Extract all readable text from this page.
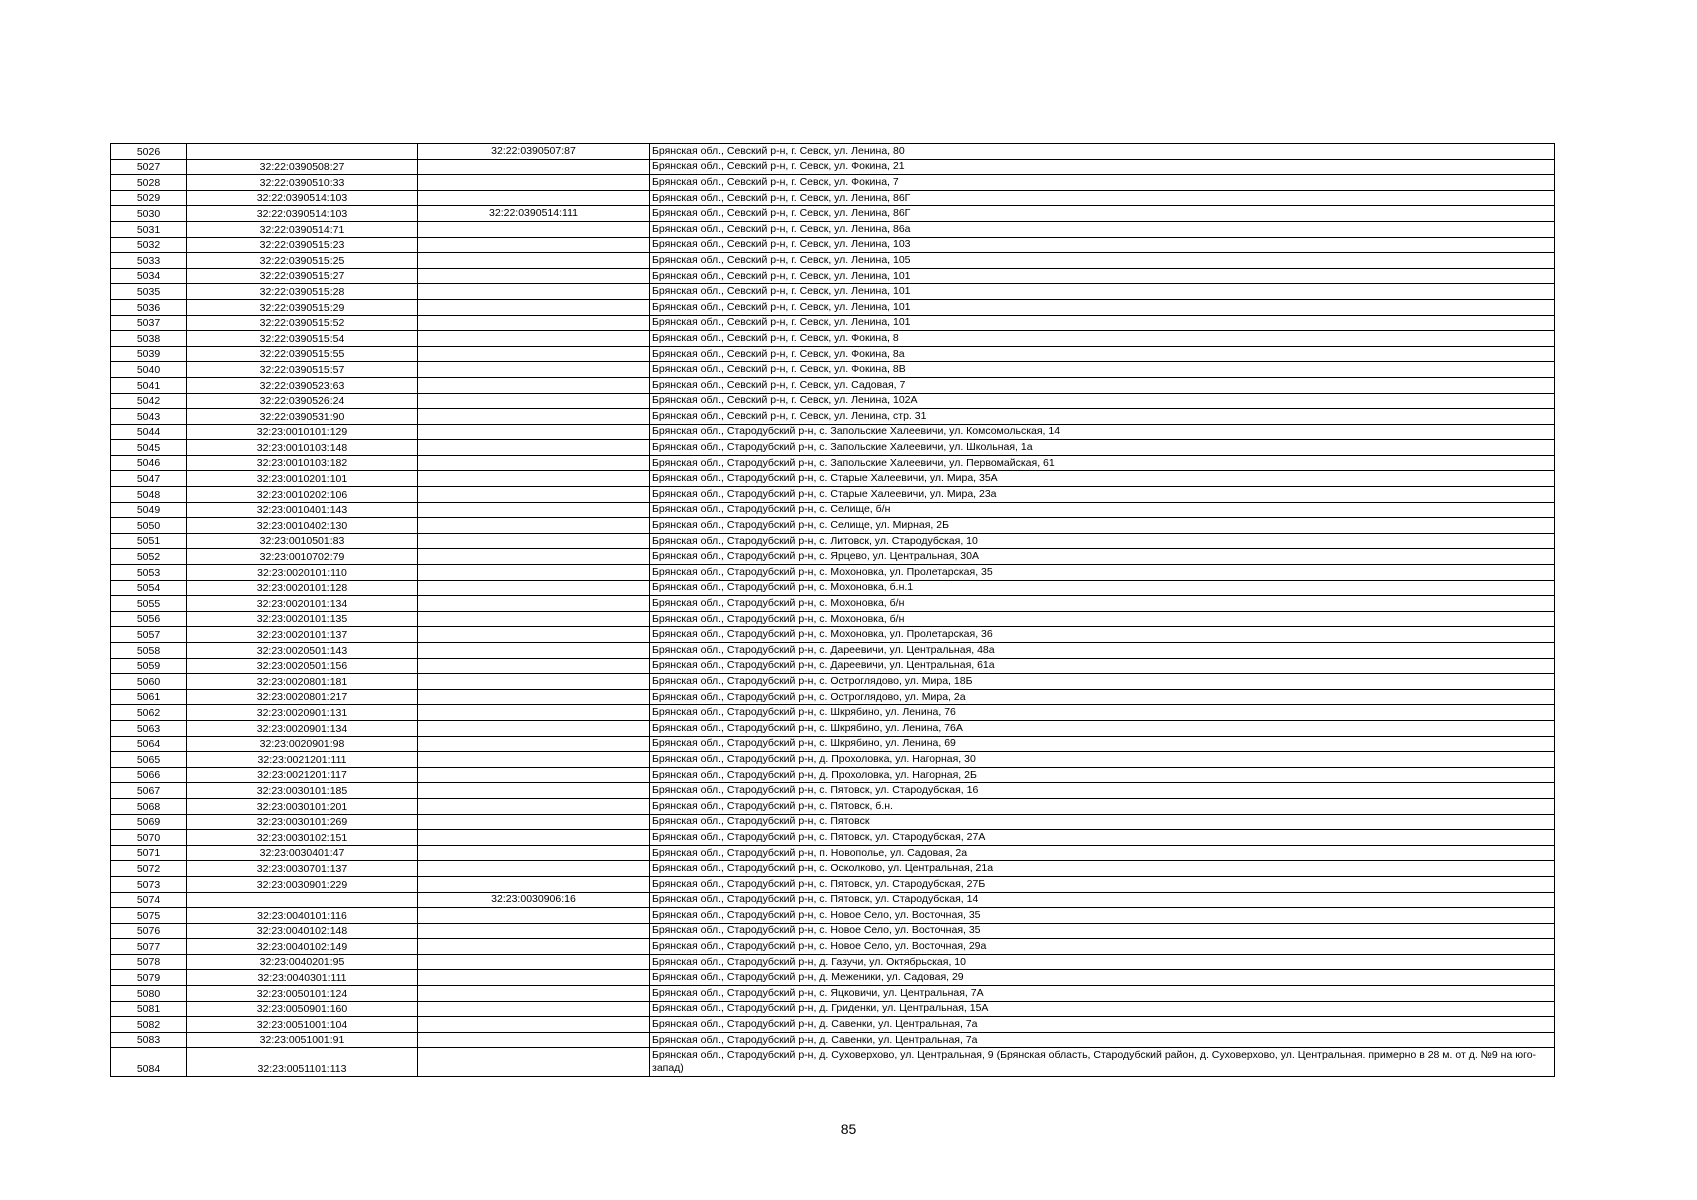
5026		32:22:0390507:87	Брянская обл., Севский р-н, г. Севск, ул. Ленина, 80
5027	32:22:0390508:27		Брянская обл., Севский р-н, г. Севск, ул. Фокина, 21
5028	32:22:0390510:33		Брянская обл., Севский р-н, г. Севск, ул. Фокина, 7
5029	32:22:0390514:103		Брянская обл., Севский р-н, г. Севск, ул. Ленина, 86Г
5030	32:22:0390514:103	32:22:0390514:111	Брянская обл., Севский р-н, г. Севск, ул. Ленина, 86Г
5031	32:22:0390514:71		Брянская обл., Севский р-н, г. Севск, ул. Ленина, 86а
5032	32:22:0390515:23		Брянская обл., Севский р-н, г. Севск, ул. Ленина, 103
5033	32:22:0390515:25		Брянская обл., Севский р-н, г. Севск, ул. Ленина, 105
5034	32:22:0390515:27		Брянская обл., Севский р-н, г. Севск, ул. Ленина, 101
5035	32:22:0390515:28		Брянская обл., Севский р-н, г. Севск, ул. Ленина, 101
5036	32:22:0390515:29		Брянская обл., Севский р-н, г. Севск, ул. Ленина, 101
5037	32:22:0390515:52		Брянская обл., Севский р-н, г. Севск, ул. Ленина, 101
5038	32:22:0390515:54		Брянская обл., Севский р-н, г. Севск, ул. Фокина, 8
5039	32:22:0390515:55		Брянская обл., Севский р-н, г. Севск, ул. Фокина, 8а
5040	32:22:0390515:57		Брянская обл., Севский р-н, г. Севск, ул. Фокина, 8В
5041	32:22:0390523:63		Брянская обл., Севский р-н, г. Севск, ул. Садовая, 7
5042	32:22:0390526:24		Брянская обл., Севский р-н, г. Севск, ул. Ленина, 102А
5043	32:22:0390531:90		Брянская обл., Севский р-н, г. Севск, ул. Ленина, стр. 31
5044	32:23:0010101:129		Брянская обл., Стародубский р-н, с. Запольские Халеевичи, ул. Комсомольская, 14
5045	32:23:0010103:148		Брянская обл., Стародубский р-н, с. Запольские Халеевичи, ул. Школьная, 1а
5046	32:23:0010103:182		Брянская обл., Стародубский р-н, с. Запольские Халеевичи, ул. Первомайская, 61
5047	32:23:0010201:101		Брянская обл., Стародубский р-н, с. Старые Халеевичи, ул. Мира, 35А
5048	32:23:0010202:106		Брянская обл., Стародубский р-н, с. Старые Халеевичи, ул. Мира, 23а
5049	32:23:0010401:143		Брянская обл., Стародубский р-н, с. Селище, б/н
5050	32:23:0010402:130		Брянская обл., Стародубский р-н, с. Селище, ул. Мирная, 2Б
5051	32:23:0010501:83		Брянская обл., Стародубский р-н, с. Литовск, ул. Стародубская, 10
5052	32:23:0010702:79		Брянская обл., Стародубский р-н, с. Ярцево, ул. Центральная, 30А
5053	32:23:0020101:110		Брянская обл., Стародубский р-н, с. Мохоновка, ул. Пролетарская, 35
5054	32:23:0020101:128		Брянская обл., Стародубский р-н, с. Мохоновка, б.н.1
5055	32:23:0020101:134		Брянская обл., Стародубский р-н, с. Мохоновка, б/н
5056	32:23:0020101:135		Брянская обл., Стародубский р-н, с. Мохоновка, б/н
5057	32:23:0020101:137		Брянская обл., Стародубский р-н, с. Мохоновка, ул. Пролетарская, 36
5058	32:23:0020501:143		Брянская обл., Стародубский р-н, с. Дареевичи, ул. Центральная, 48а
5059	32:23:0020501:156		Брянская обл., Стародубский р-н, с. Дареевичи, ул. Центральная, 61а
5060	32:23:0020801:181		Брянская обл., Стародубский р-н, с. Остроглядово, ул. Мира, 18Б
5061	32:23:0020801:217		Брянская обл., Стародубский р-н, с. Остроглядово, ул. Мира, 2а
5062	32:23:0020901:131		Брянская обл., Стародубский р-н, с. Шкрябино, ул. Ленина, 76
5063	32:23:0020901:134		Брянская обл., Стародубский р-н, с. Шкрябино, ул. Ленина, 76А
5064	32:23:0020901:98		Брянская обл., Стародубский р-н, с. Шкрябино, ул. Ленина, 69
5065	32:23:0021201:111		Брянская обл., Стародубский р-н, д. Прохоловка, ул. Нагорная, 30
5066	32:23:0021201:117		Брянская обл., Стародубский р-н, д. Прохоловка, ул. Нагорная, 2Б
5067	32:23:0030101:185		Брянская обл., Стародубский р-н, с. Пятовск, ул. Стародубская, 16
5068	32:23:0030101:201		Брянская обл., Стародубский р-н, с. Пятовск, б.н.
5069	32:23:0030101:269		Брянская обл., Стародубский р-н, с. Пятовск
5070	32:23:0030102:151		Брянская обл., Стародубский р-н, с. Пятовск, ул. Стародубская, 27А
5071	32:23:0030401:47		Брянская обл., Стародубский р-н, п. Новополье, ул. Садовая, 2а
5072	32:23:0030701:137		Брянская обл., Стародубский р-н, с. Осколково, ул. Центральная, 21а
5073	32:23:0030901:229		Брянская обл., Стародубский р-н, с. Пятовск, ул. Стародубская, 27Б
5074		32:23:0030906:16	Брянская обл., Стародубский р-н, с. Пятовск, ул. Стародубская, 14
5075	32:23:0040101:116		Брянская обл., Стародубский р-н, с. Новое Село, ул. Восточная, 35
5076	32:23:0040102:148		Брянская обл., Стародубский р-н, с. Новое Село, ул. Восточная, 35
5077	32:23:0040102:149		Брянская обл., Стародубский р-н, с. Новое Село, ул. Восточная, 29а
5078	32:23:0040201:95		Брянская обл., Стародубский р-н, д. Газучи, ул. Октябрьская, 10
5079	32:23:0040301:111		Брянская обл., Стародубский р-н, д. Меженики, ул. Садовая, 29
5080	32:23:0050101:124		Брянская обл., Стародубский р-н, с. Яцковичи, ул. Центральная, 7А
5081	32:23:0050901:160		Брянская обл., Стародубский р-н, д. Гриденки, ул. Центральная, 15А
5082	32:23:0051001:104		Брянская обл., Стародубский р-н, д. Савенки, ул. Центральная, 7а
5083	32:23:0051001:91		Брянская обл., Стародубский р-н, д. Савенки, ул. Центральная, 7а
5084	32:23:0051101:113		Брянская обл., Стародубский р-н, д. Суховерхово, ул. Центральная, 9 (Брянская область, Стародубский район, д. Суховерхово, ул. Центральная. примерно в 28 м. от д. №9 на юго-запад)
85
